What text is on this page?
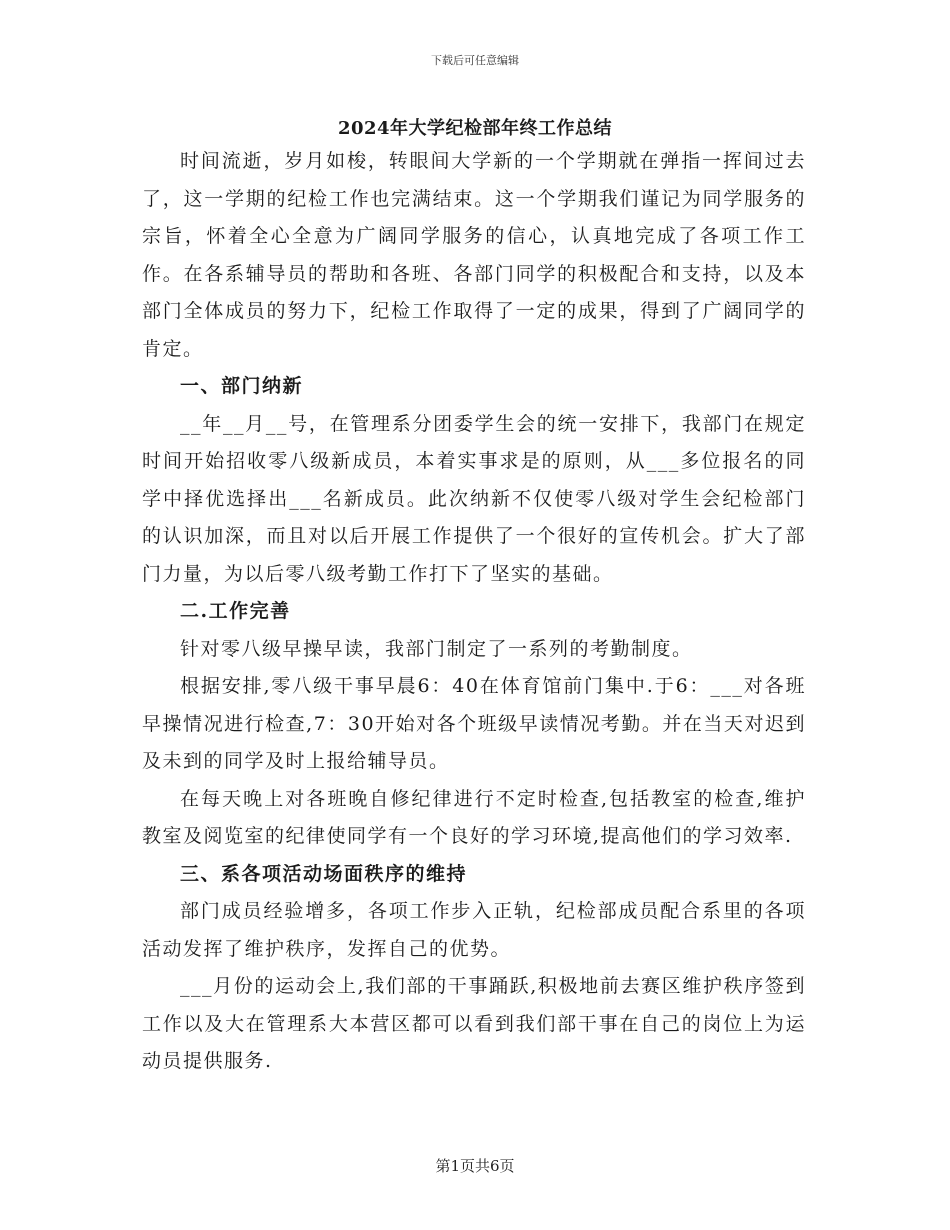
下载后可任意编辑
2024年大学纪检部年终工作总结

时间流逝，岁月如梭，转眼间大学新的一个学期就在弹指一挥间过去了，这一学期的纪检工作也完满结束。这一个学期我们谨记为同学服务的宗旨，怀着全心全意为广阔同学服务的信心，认真地完成了各项工作工作。在各系辅导员的帮助和各班、各部门同学的积极配合和支持，以及本部门全体成员的努力下，纪检工作取得了一定的成果，得到了广阔同学的肯定。

一、部门纳新

__年__月__号，在管理系分团委学生会的统一安排下，我部门在规定时间开始招收零八级新成员，本着实事求是的原则，从___多位报名的同学中择优选择出___名新成员。此次纳新不仅使零八级对学生会纪检部门的认识加深，而且对以后开展工作提供了一个很好的宣传机会。扩大了部门力量，为以后零八级考勤工作打下了坚实的基础。

二.工作完善

针对零八级早操早读，我部门制定了一系列的考勤制度。

根据安排,零八级干事早晨6：40在体育馆前门集中.于6：___对各班早操情况进行检查,7：30开始对各个班级早读情况考勤。并在当天对迟到及未到的同学及时上报给辅导员。

在每天晚上对各班晚自修纪律进行不定时检查,包括教室的检查,维护教室及阅览室的纪律使同学有一个良好的学习环境,提高他们的学习效率.

三、系各项活动场面秩序的维持

部门成员经验增多，各项工作步入正轨，纪检部成员配合系里的各项活动发挥了维护秩序，发挥自己的优势。

___月份的运动会上,我们部的干事踊跃,积极地前去赛区维护秩序签到工作以及大在管理系大本营区都可以看到我们部干事在自己的岗位上为运动员提供服务.

第1页共6页
